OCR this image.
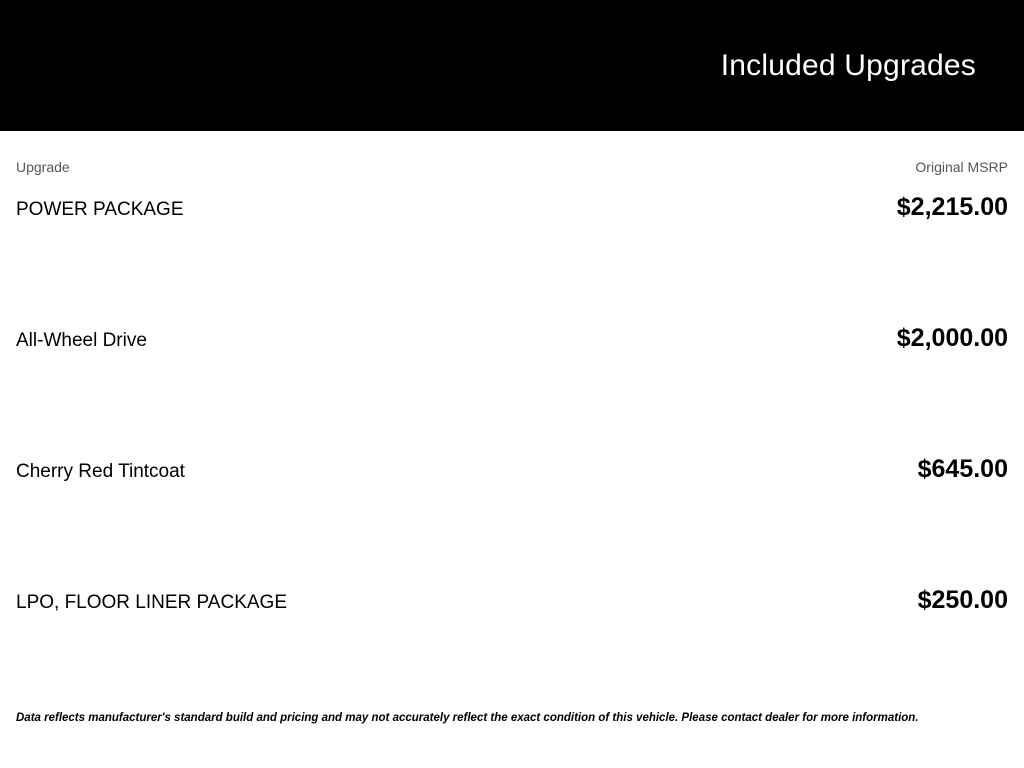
Included Upgrades
Upgrade	Original MSRP
POWER PACKAGE	$2,215.00
All-Wheel Drive	$2,000.00
Cherry Red Tintcoat	$645.00
LPO, FLOOR LINER PACKAGE	$250.00
Data reflects manufacturer's standard build and pricing and may not accurately reflect the exact condition of this vehicle. Please contact dealer for more information.
